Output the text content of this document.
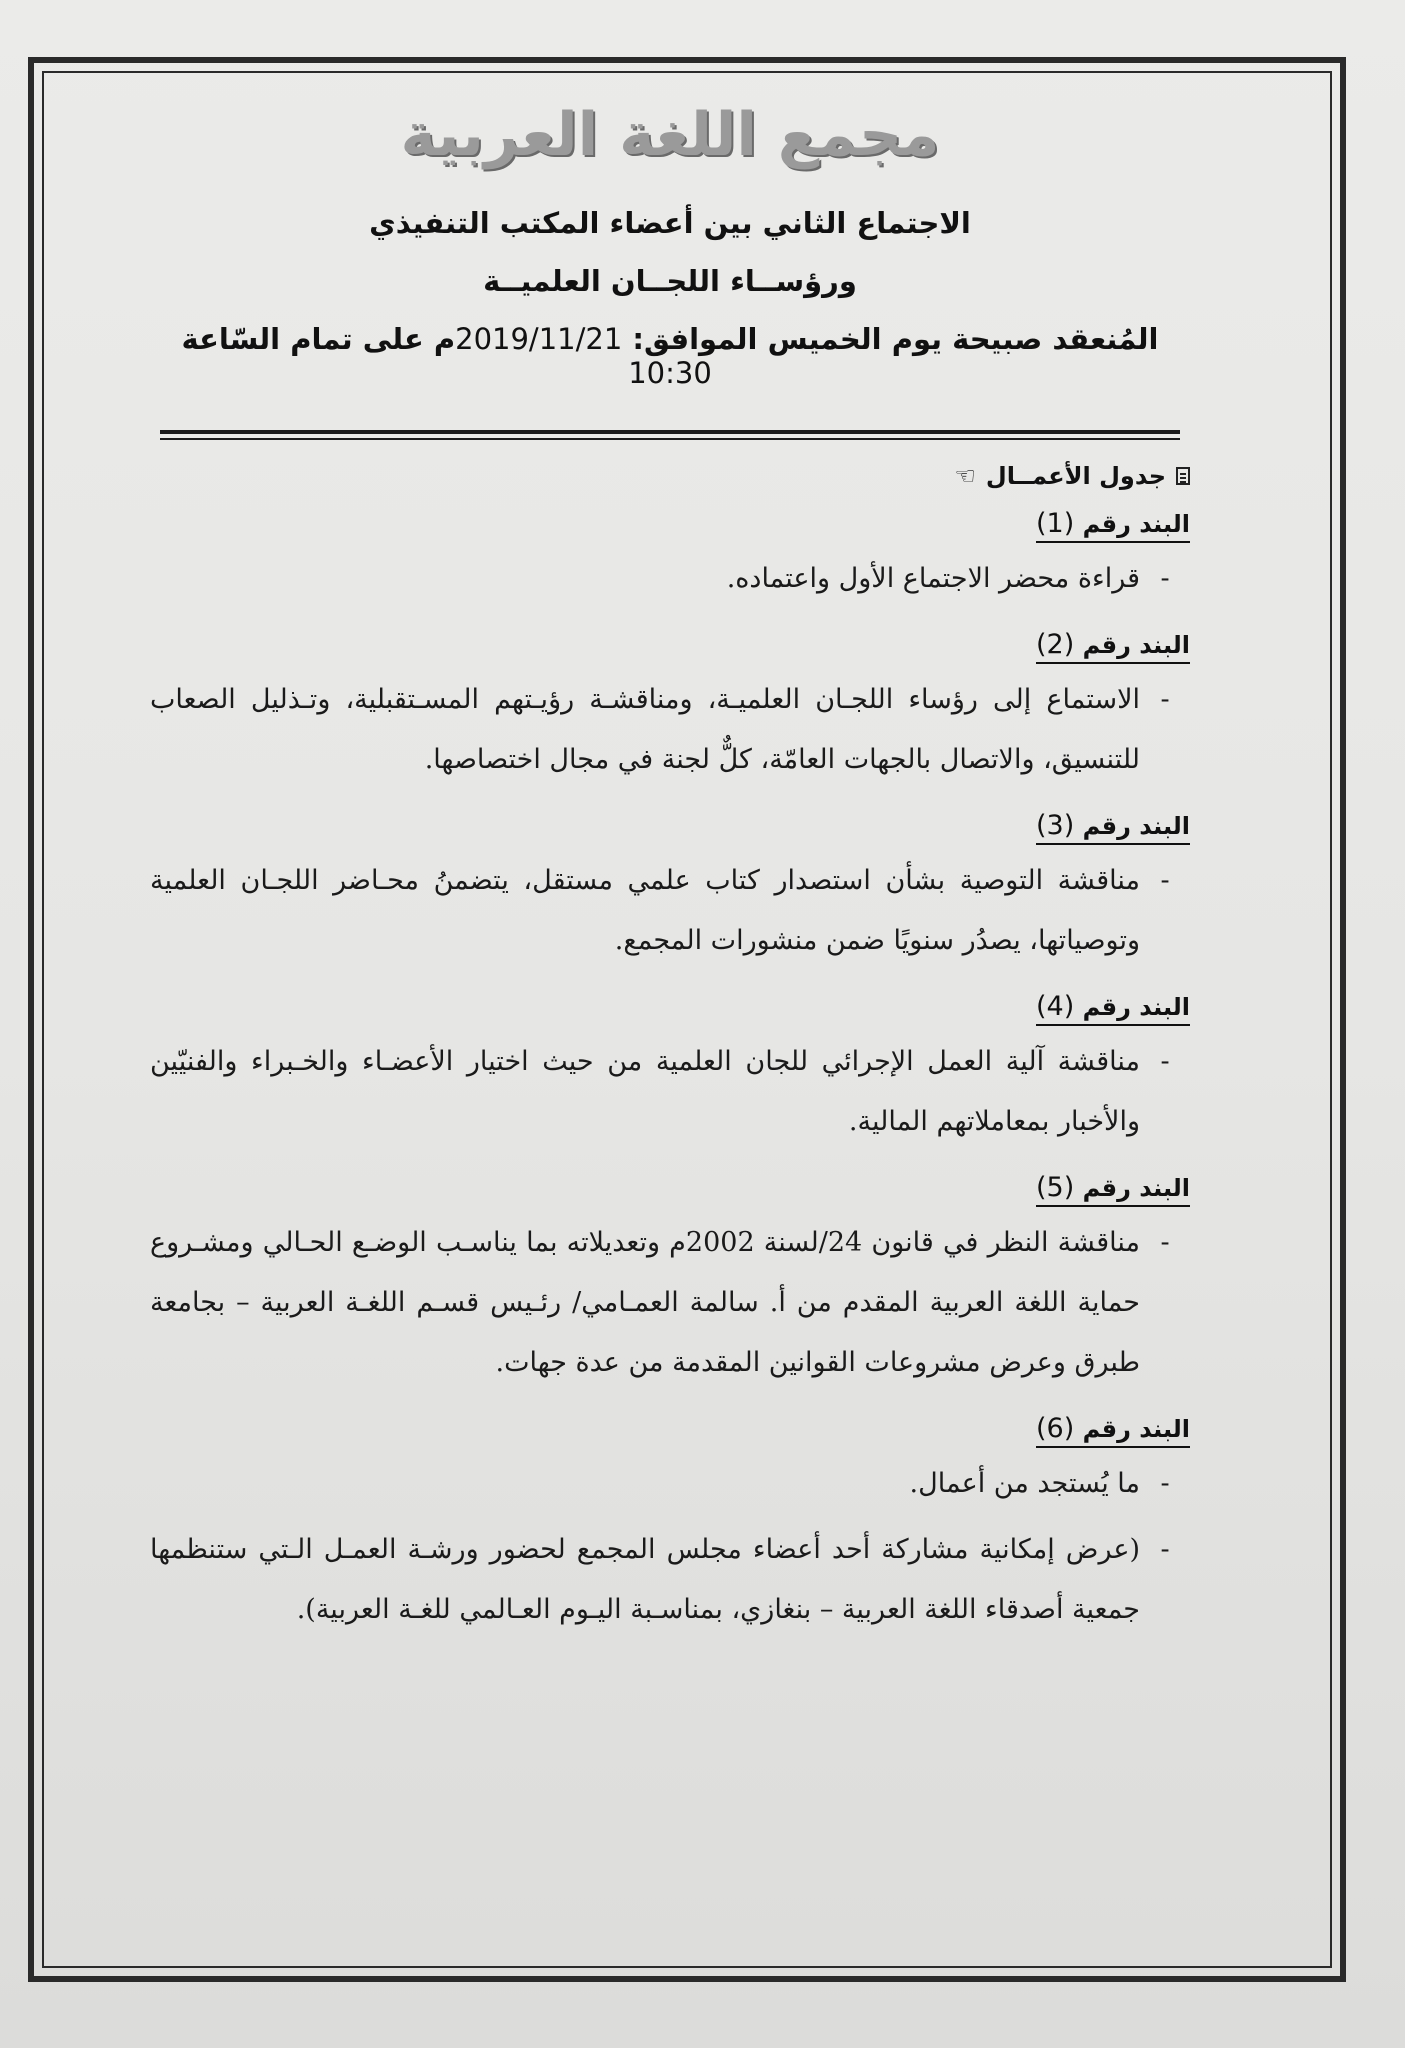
مجمع اللغة العربية

الاجتماع الثاني بين أعضاء المكتب التنفيذي

ورؤســاء اللجــان العلميــة

المُنعقد صبيحة يوم الخميس الموافق: 2019/11/21م على تمام السّاعة 10:30

جدول الأعمــال
☜
البند رقم (1)
-
قراءة محضر الاجتماع الأول واعتماده.
البند رقم (2)
-
الاستماع إلى رؤساء اللجـان العلميـة، ومناقشـة رؤيـتهم المسـتقبلية، وتـذليل الصعاب للتنسيق، والاتصال بالجهات العامّة، كلٌّ لجنة في مجال اختصاصها.
البند رقم (3)
-
مناقشة التوصية بشأن استصدار كتاب علمي مستقل، يتضمنُ محـاضر اللجـان العلمية وتوصياتها، يصدُر سنويًا ضمن منشورات المجمع.
البند رقم (4)
-
مناقشة آلية العمل الإجرائي للجان العلمية من حيث اختيار الأعضـاء والخـبراء والفنيّين والأخبار بمعاملاتهم المالية.
البند رقم (5)
-
مناقشة النظر في قانون 24/لسنة 2002م وتعديلاته بما يناسـب الوضـع الحـالي ومشـروع حماية اللغة العربية المقدم من أ. سالمة العمـامي/ رئـيس قسـم اللغـة العربية – بجامعة طبرق وعرض مشروعات القوانين المقدمة من عدة جهات.
البند رقم (6)
-
ما يُستجد من أعمال.
-
(عرض إمكانية مشاركة أحد أعضاء مجلس المجمع لحضور ورشـة العمـل الـتي ستنظمها جمعية أصدقاء اللغة العربية – بنغازي، بمناسـبة اليـوم العـالمي للغـة العربية).
